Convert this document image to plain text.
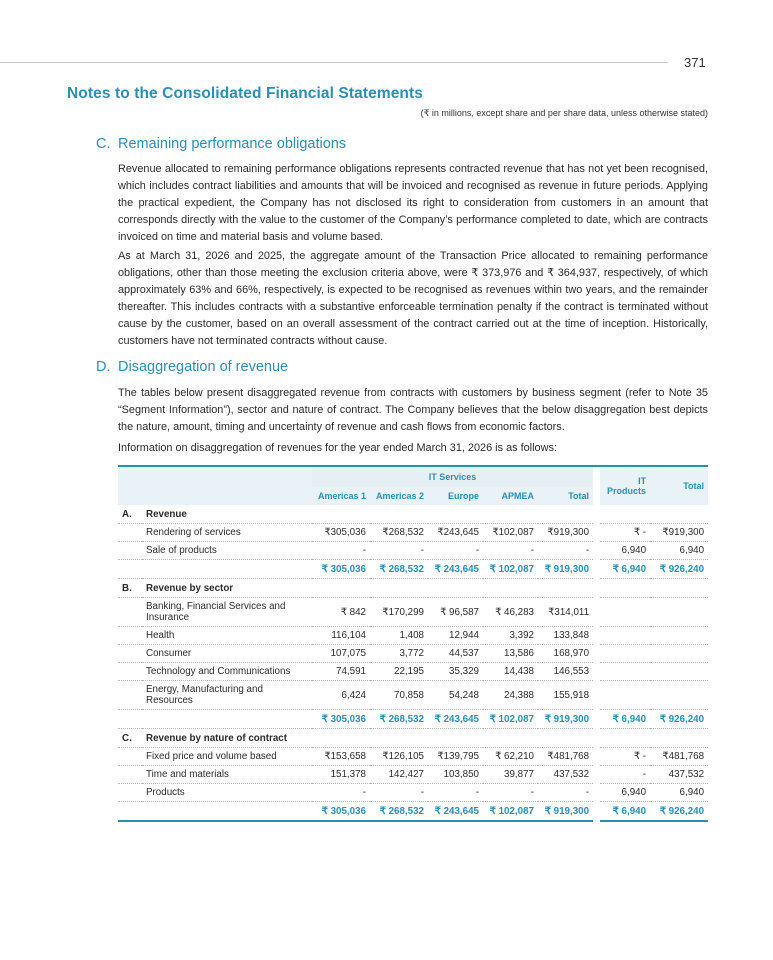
371
Notes to the Consolidated Financial Statements
(₹ in millions, except share and per share data, unless otherwise stated)
C. Remaining performance obligations
Revenue allocated to remaining performance obligations represents contracted revenue that has not yet been recognised, which includes contract liabilities and amounts that will be invoiced and recognised as revenue in future periods. Applying the practical expedient, the Company has not disclosed its right to consideration from customers in an amount that corresponds directly with the value to the customer of the Company’s performance completed to date, which are contracts invoiced on time and material basis and volume based.
As at March 31, 2026 and 2025, the aggregate amount of the Transaction Price allocated to remaining performance obligations, other than those meeting the exclusion criteria above, were ₹ 373,976 and ₹ 364,937, respectively, of which approximately 63% and 66%, respectively, is expected to be recognised as revenues within two years, and the remainder thereafter. This includes contracts with a substantive enforceable termination penalty if the contract is terminated without cause by the customer, based on an overall assessment of the contract carried out at the time of inception. Historically, customers have not terminated contracts without cause.
D. Disaggregation of revenue
The tables below present disaggregated revenue from contracts with customers by business segment (refer to Note 35 “Segment Information”), sector and nature of contract. The Company believes that the below disaggregation best depicts the nature, amount, timing and uncertainty of revenue and cash flows from economic factors.
Information on disaggregation of revenues for the year ended March 31, 2026 is as follows:
		IT Services						IT Products	Total
		Americas 1	Americas 2	Europe	APMEA	Total			
A.	Revenue								
	Rendering of services	₹305,036	₹268,532	₹243,645	₹102,087	₹919,300		₹ -	₹919,300
	Sale of products	-	-	-	-	-		6,940	6,940
		₹ 305,036	₹ 268,532	₹ 243,645	₹ 102,087	₹ 919,300		₹ 6,940	₹ 926,240
B.	Revenue by sector								
	Banking, Financial Services and Insurance	₹ 842	₹170,299	₹ 96,587	₹ 46,283	₹314,011			
	Health	116,104	1,408	12,944	3,392	133,848			
	Consumer	107,075	3,772	44,537	13,586	168,970			
	Technology and Communications	74,591	22,195	35,329	14,438	146,553			
	Energy, Manufacturing and Resources	6,424	70,858	54,248	24,388	155,918			
		₹ 305,036	₹ 268,532	₹ 243,645	₹ 102,087	₹ 919,300		₹ 6,940	₹ 926,240
C.	Revenue by nature of contract								
	Fixed price and volume based	₹153,658	₹126,105	₹139,795	₹ 62,210	₹481,768		₹ -	₹481,768
	Time and materials	151,378	142,427	103,850	39,877	437,532		-	437,532
	Products	-	-	-	-	-		6,940	6,940
		₹ 305,036	₹ 268,532	₹ 243,645	₹ 102,087	₹ 919,300		₹ 6,940	₹ 926,240
